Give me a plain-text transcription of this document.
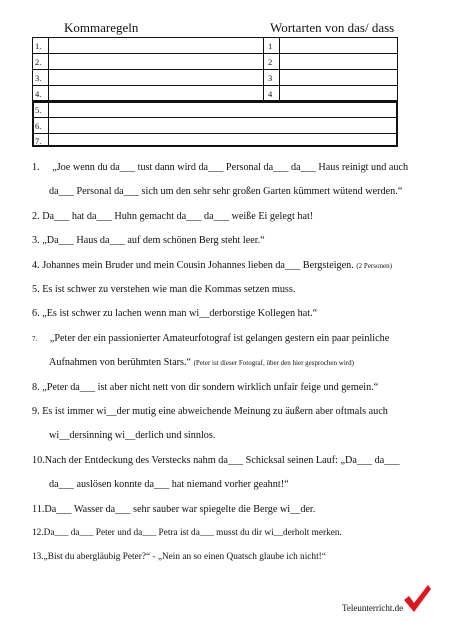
Kommaregeln	Wortarten von das/ dass
1.
2.
3.
4.
5.
6.
7.
1
2
3
4
1. „Joe wenn du da___ tust dann wird da___ Personal da___ da___ Haus reinigt und auch
da___ Personal da___ sich um den sehr sehr großen Garten kümmert wütend werden.“
2. Da___ hat da___ Huhn gemacht da___ da___ weiße Ei gelegt hat!
3. „Da___ Haus da___ auf dem schönen Berg steht leer.“
4. Johannes mein Bruder und mein Cousin Johannes lieben da___ Bergsteigen. (2 Personen)
5. Es ist schwer zu verstehen wie man die Kommas setzen muss.
6. „Es ist schwer zu lachen wenn man wi__derborstige Kollegen hat.“
7. „Peter der ein passionierter Amateurfotograf ist gelangen gestern ein paar peinliche
Aufnahmen von berühmten Stars.“ (Peter ist dieser Fotograf, über den hier gesprochen wird)
8. „Peter da___ ist aber nicht nett von dir sondern wirklich unfair feige und gemein.“
9. Es ist immer wi__der mutig eine abweichende Meinung zu äußern aber oftmals auch
wi__dersinning wi__derlich und sinnlos.
10.Nach der Entdeckung des Verstecks nahm da___ Schicksal seinen Lauf: „Da___ da___
da___ auslösen konnte da___ hat niemand vorher geahnt!“
11.Da___ Wasser da___ sehr sauber war spiegelte die Berge wi__der.
12.Da___ da___ Peter und da___ Petra ist da___ musst du dir wi__derholt merken.
13.„Bist du abergläubig Peter?“ - „Nein an so einen Quatsch glaube ich nicht!“
Teleunterricht.de
